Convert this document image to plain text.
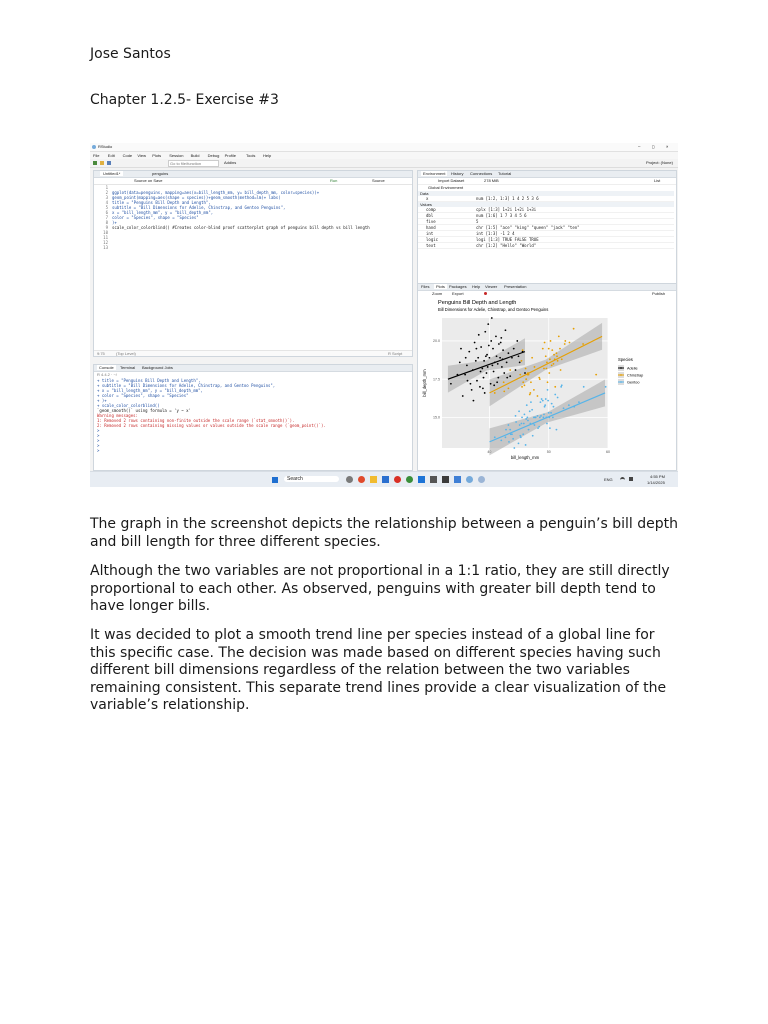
Jose Santos
Chapter 1.2.5- Exercise #3
RStudio	–	□	×
File Edit Code View Plots Session Build Debug Profile	Tools Help
Go to file/function	Addins	Project: (None)
Untitled1*	penguins
Source on Save	Run	Source
1
2 ggplot(data=penguins, mapping=aes(x=bill_length_mm, y= bill_depth_mm, color=species))+
3 geom_point(mapping=aes(shape = species))+geom_smooth(method=lm)+ labs(
4 title = "Penguins Bill Depth and Length",
5 subtitle = "Bill Dimensions for Adelie, Chinstrap, and Gentoo Penguins",
6 x = "bill_length_mm", y = "bill_depth_mm",
7 color = "Species", shape = "Species"
8 )+
9 scale_color_colorblind() #Creates color-blind proof scatterplot graph of penguins bill depth vs bill length
10
11
12
13
9:75	(Top Level)	R Script
Console	Terminal Background Jobs
R 4.4.2 · ~/
+ title = "Penguins Bill Depth and Length",
+ subtitle = "Bill Dimensions for Adelie, Chinstrap, and Gentoo Penguins",
+ x = "bill_length_mm", y = "bill_depth_mm",
+ color = "Species", shape = "Species"
+ )+
+ scale_color_colorblind()
`geom_smooth()` using formula = 'y ~ x'
Warning messages:
1: Removed 2 rows containing non-finite outside the scale range (`stat_smooth()`).
2: Removed 2 rows containing missing values or values outside the scale range (`geom_point()`).
>
>
>
>
>
Environment	History Connections Tutorial
Import Dataset	278 MiB	List
Global Environment
Data
x	num [1:2, 1:3] 1 4 2 5 3 6
Values
comp	cplx [1:3] 1+2i 1+2i 1+3i
dbl	num [1:6] 1 7 3 4 5 6
five	5
hand	chr [1:5] "ace" "king" "queen" "jack" "ten"
int	int [1:3] -1 2 4
logic	logi [1:3] TRUE FALSE TRUE
text	chr [1:2] "Hello" "World"
Files	Plots	Packages Help Viewer Presentation
Zoom Export	Publish
Penguins Bill Depth and Length
Bill Dimensions for Adelie, Chinstrap, and Gentoo Penguins
15.0
17.5
20.0
40	50	60
bill_length_mm
bill_depth_mm
Species
Adelie
Chinstrap
Gentoo
Search	ENG
4:55 PM
1/14/2025

The graph in the screenshot depicts the relationship between a penguin’s bill depth and bill length for three different species.

Although the two variables are not proportional in a 1:1 ratio, they are still directly proportional to each other. As observed, penguins with greater bill depth tend to have longer bills.

It was decided to plot a smooth trend line per species instead of a global line for this specific case. The decision was made based on different species having such different bill dimensions regardless of the relation between the two variables remaining consistent. This separate trend lines provide a clear visualization of the variable’s relationship.
